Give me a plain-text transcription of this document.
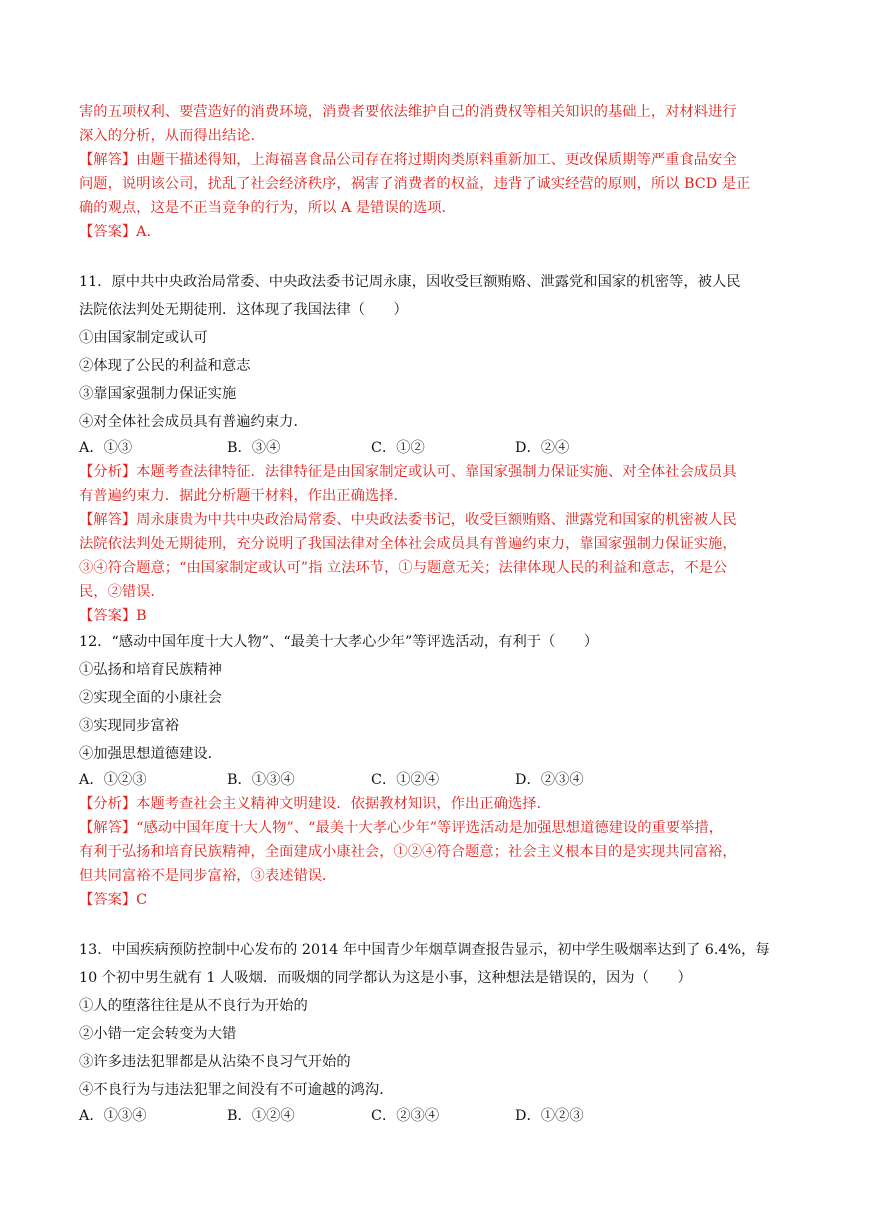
害的五项权利、要营造好的消费环境，消费者要依法维护自己的消费权等相关知识的基础上，对材料进行
深入的分析，从而得出结论.
【解答】由题干描述得知，上海福喜食品公司存在将过期肉类原料重新加工、更改保质期等严重食品安全
问题，说明该公司，扰乱了社会经济秩序，祸害了消费者的权益，违背了诚实经营的原则，所以 BCD 是正
确的观点，这是不正当竞争的行为，所以 A 是错误的选项.
【答案】A.
11．原中共中央政治局常委、中央政法委书记周永康，因收受巨额贿赂、泄露党和国家的机密等，被人民
法院依法判处无期徒刑．这体现了我国法律（　　）
①由国家制定或认可
②体现了公民的利益和意志
③靠国家强制力保证实施
④对全体社会成员具有普遍约束力．
A．①③	B．③④	C．①②	D．②④
【分析】本题考查法律特征．法律特征是由国家制定或认可、靠国家强制力保证实施、对全体社会成员具
有普遍约束力．据此分析题干材料，作出正确选择．
【解答】周永康贵为中共中央政治局常委、中央政法委书记，收受巨额贿赂、泄露党和国家的机密被人民
法院依法判处无期徒刑，充分说明了我国法律对全体社会成员具有普遍约束力，靠国家强制力保证实施，
③④符合题意；“由国家制定或认可”指 立法环节，①与题意无关；法律体现人民的利益和意志，不是公
民，②错误．
【答案】B
12．“感动中国年度十大人物”、“最美十大孝心少年”等评选活动，有利于（　　）
①弘扬和培育民族精神
②实现全面的小康社会
③实现同步富裕
④加强思想道德建设．
A．①②③	B．①③④	C．①②④	D．②③④
【分析】本题考查社会主义精神文明建设．依据教材知识，作出正确选择．
【解答】“感动中国年度十大人物”、“最美十大孝心少年”等评选活动是加强思想道德建设的重要举措，
有利于弘扬和培育民族精神，全面建成小康社会，①②④符合题意；社会主义根本目的是实现共同富裕，
但共同富裕不是同步富裕，③表述错误．
【答案】C
13．中国疾病预防控制中心发布的 2014 年中国青少年烟草调查报告显示，初中学生吸烟率达到了 6.4%，每
10 个初中男生就有 1 人吸烟．而吸烟的同学都认为这是小事，这种想法是错误的，因为（　　）
①人的堕落往往是从不良行为开始的
②小错一定会转变为大错
③许多违法犯罪都是从沾染不良习气开始的
④不良行为与违法犯罪之间没有不可逾越的鸿沟．
A．①③④	B．①②④	C．②③④	D．①②③
